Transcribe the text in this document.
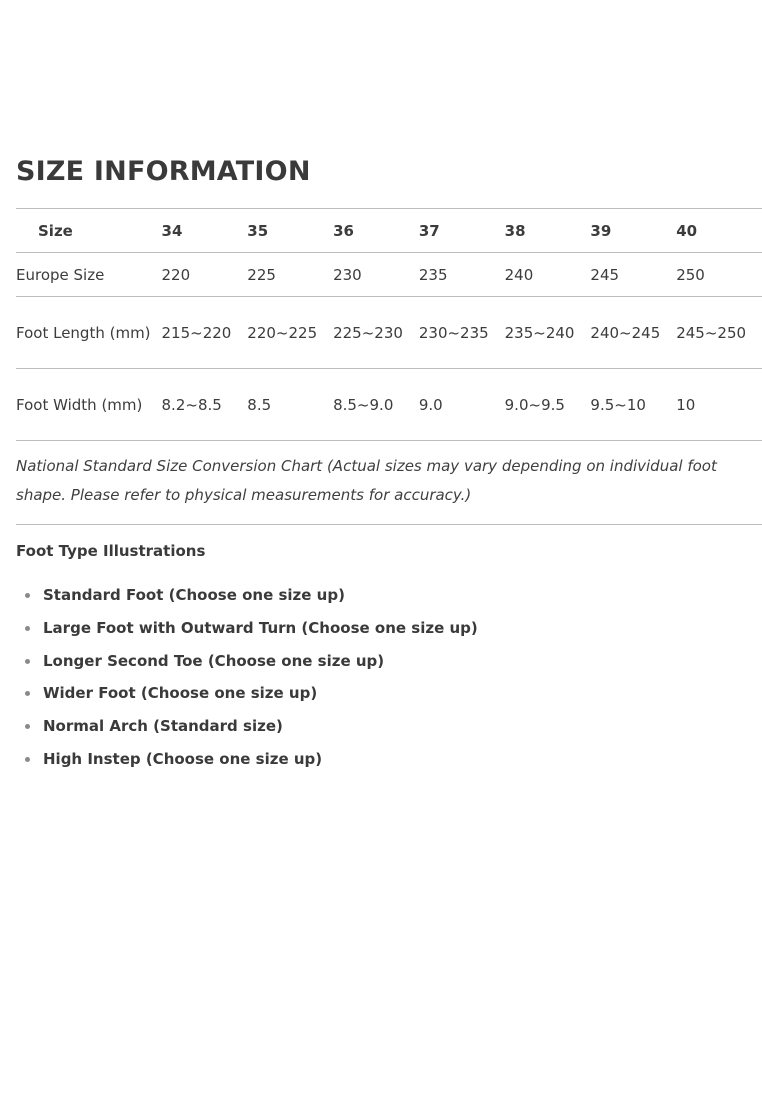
SIZE INFORMATION
Size	34	35	36	37	38	39	40
Europe Size	220	225	230	235	240	245	250
Foot Length (mm)	215~220	220~225	225~230	230~235	235~240	240~245	245~250
Foot Width (mm)	8.2~8.5	8.5	8.5~9.0	9.0	9.0~9.5	9.5~10	10

National Standard Size Conversion Chart (Actual sizes may vary depending on individual foot shape. Please refer to physical measurements for accuracy.)

Foot Type Illustrations
Standard Foot (Choose one size up)
Large Foot with Outward Turn (Choose one size up)
Longer Second Toe (Choose one size up)
Wider Foot (Choose one size up)
Normal Arch (Standard size)
High Instep (Choose one size up)
